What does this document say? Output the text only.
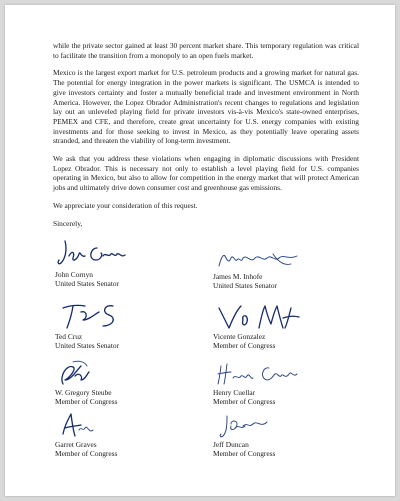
while the private sector gained at least 30 percent market share. This temporary regulation was critical to facilitate the transition from a monopoly to an open fuels market.

Mexico is the largest export market for U.S. petroleum products and a growing market for natural gas. The potential for energy integration in the power markets is significant. The USMCA is intended to give investors certainty and foster a mutually beneficial trade and investment environment in North America. However, the Lopez Obrador Administration's recent changes to regulations and legislation lay out an unleveled playing field for private investors vis-à-vis Mexico's state-owned enterprises, PEMEX and CFE, and therefore, create great uncertainty for U.S. energy companies with existing investments and for those seeking to invest in Mexico, as they potentially leave operating assets stranded, and threaten the viability of long-term investment.

We ask that you address these violations when engaging in diplomatic discussions with President Lopez Obrador. This is necessary not only to establish a level playing field for U.S. companies operating in Mexico, but also to allow for competition in the energy market that will protect American jobs and ultimately drive down consumer cost and greenhouse gas emissions.

We appreciate your consideration of this request.

Sincerely,

John Cornyn
United States Senator
Ted Cruz
United States Senator
W. Gregory Steube
Member of Congress
Garret Graves
Member of Congress
James M. Inhofe
United States Senator
Vicente Gonzalez
Member of Congress
Henry Cuellar
Member of Congress
Jeff Duncan
Member of Congress
